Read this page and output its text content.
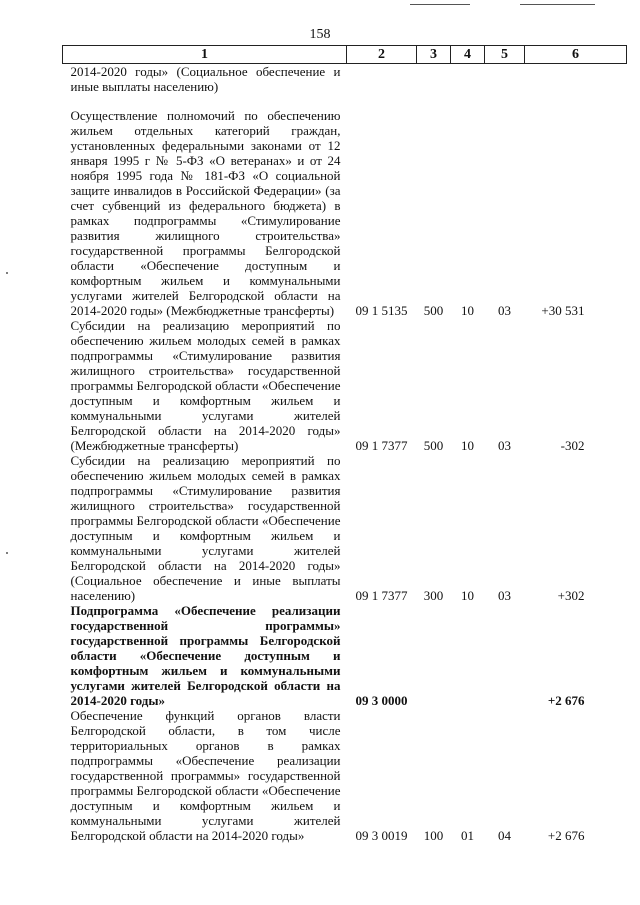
158
1	2	3	4	5	6
2014-2020 годы» (Социальное обеспечение и иные выплаты населению)					

Осуществление полномочий по обеспечению жильем отдельных категорий граждан, установленных федеральными законами от 12 января 1995 г № 5-ФЗ «О ветеранах» и от 24 ноября 1995 года № 181-ФЗ «О социальной защите инвалидов в Российской Федерации» (за счет субвенций из федерального бюджета) в рамках подпрограммы «Стимулирование развития жилищного строительства» государственной программы Белгородской области «Обеспечение доступным и комфортным жильем и коммунальными услугами жителей Белгородской области на 2014-2020 годы» (Межбюджетные трансферты)	09 1 5135	500	10	03	+30 531
Субсидии на реализацию мероприятий по обеспечению жильем молодых семей в рамках подпрограммы «Стимулирование развития жилищного строительства» государственной программы Белгородской области «Обеспечение доступным и комфортным жильем и коммунальными услугами жителей Белгородской области на 2014-2020 годы» (Межбюджетные трансферты)	09 1 7377	500	10	03	-302
Субсидии на реализацию мероприятий по обеспечению жильем молодых семей в рамках подпрограммы «Стимулирование развития жилищного строительства» государственной программы Белгородской области «Обеспечение доступным и комфортным жильем и коммунальными услугами жителей Белгородской области на 2014-2020 годы» (Социальное обеспечение и иные выплаты населению)	09 1 7377	300	10	03	+302
Подпрограмма «Обеспечение реализации государственной программы» государственной программы Белгородской области «Обеспечение доступным и комфортным жильем и коммунальными услугами жителей Белгородской области на 2014-2020 годы»	09 3 0000				+2 676
Обеспечение функций органов власти Белгородской области, в том числе территориальных органов в рамках подпрограммы «Обеспечение реализации государственной программы» государственной программы Белгородской области «Обеспечение доступным и комфортным жильем и коммунальными услугами жителей Белгородской области на 2014-2020 годы»	09 3 0019	100	01	04	+2 676
